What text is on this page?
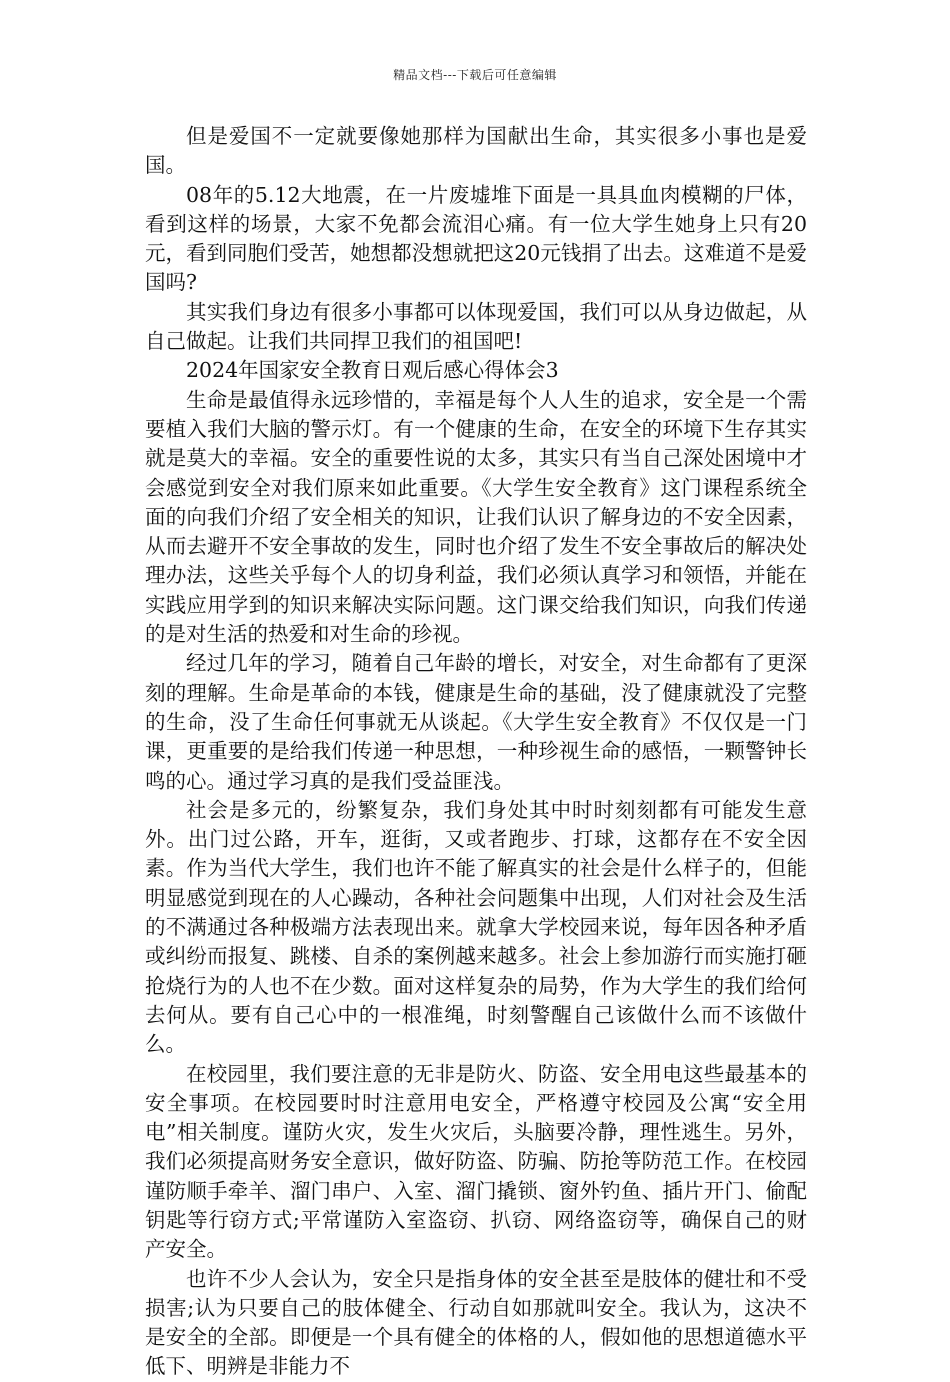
精品文档---下载后可任意编辑

但是爱国不一定就要像她那样为国献出生命，其实很多小事也是爱国。

08年的5.12大地震，在一片废墟堆下面是一具具血肉模糊的尸体，看到这样的场景，大家不免都会流泪心痛。有一位大学生她身上只有20元，看到同胞们受苦，她想都没想就把这20元钱捐了出去。这难道不是爱国吗?

其实我们身边有很多小事都可以体现爱国，我们可以从身边做起，从自己做起。让我们共同捍卫我们的祖国吧!

2024年国家安全教育日观后感心得体会3

生命是最值得永远珍惜的，幸福是每个人人生的追求，安全是一个需要植入我们大脑的警示灯。有一个健康的生命，在安全的环境下生存其实就是莫大的幸福。安全的重要性说的太多，其实只有当自己深处困境中才会感觉到安全对我们原来如此重要。《大学生安全教育》这门课程系统全面的向我们介绍了安全相关的知识，让我们认识了解身边的不安全因素，从而去避开不安全事故的发生，同时也介绍了发生不安全事故后的解决处理办法，这些关乎每个人的切身利益，我们必须认真学习和领悟，并能在实践应用学到的知识来解决实际问题。这门课交给我们知识，向我们传递的是对生活的热爱和对生命的珍视。

经过几年的学习，随着自己年龄的增长，对安全，对生命都有了更深刻的理解。生命是革命的本钱，健康是生命的基础，没了健康就没了完整的生命，没了生命任何事就无从谈起。《大学生安全教育》不仅仅是一门课，更重要的是给我们传递一种思想，一种珍视生命的感悟，一颗警钟长鸣的心。通过学习真的是我们受益匪浅。

社会是多元的，纷繁复杂，我们身处其中时时刻刻都有可能发生意外。出门过公路，开车，逛街，又或者跑步、打球，这都存在不安全因素。作为当代大学生，我们也许不能了解真实的社会是什么样子的，但能明显感觉到现在的人心躁动，各种社会问题集中出现，人们对社会及生活的不满通过各种极端方法表现出来。就拿大学校园来说，每年因各种矛盾或纠纷而报复、跳楼、自杀的案例越来越多。社会上参加游行而实施打砸抢烧行为的人也不在少数。面对这样复杂的局势，作为大学生的我们给何去何从。要有自己心中的一根准绳，时刻警醒自己该做什么而不该做什么。

在校园里，我们要注意的无非是防火、防盗、安全用电这些最基本的安全事项。在校园要时时注意用电安全，严格遵守校园及公寓“安全用电”相关制度。谨防火灾，发生火灾后，头脑要冷静，理性逃生。另外，我们必须提高财务安全意识，做好防盗、防骗、防抢等防范工作。在校园谨防顺手牵羊、溜门串户、入室、溜门撬锁、窗外钓鱼、插片开门、偷配钥匙等行窃方式;平常谨防入室盗窃、扒窃、网络盗窃等，确保自己的财产安全。

也许不少人会认为，安全只是指身体的安全甚至是肢体的健壮和不受损害;认为只要自己的肢体健全、行动自如那就叫安全。我认为，这决不是安全的全部。即便是一个具有健全的体格的人，假如他的思想道德水平低下、明辨是非能力不
